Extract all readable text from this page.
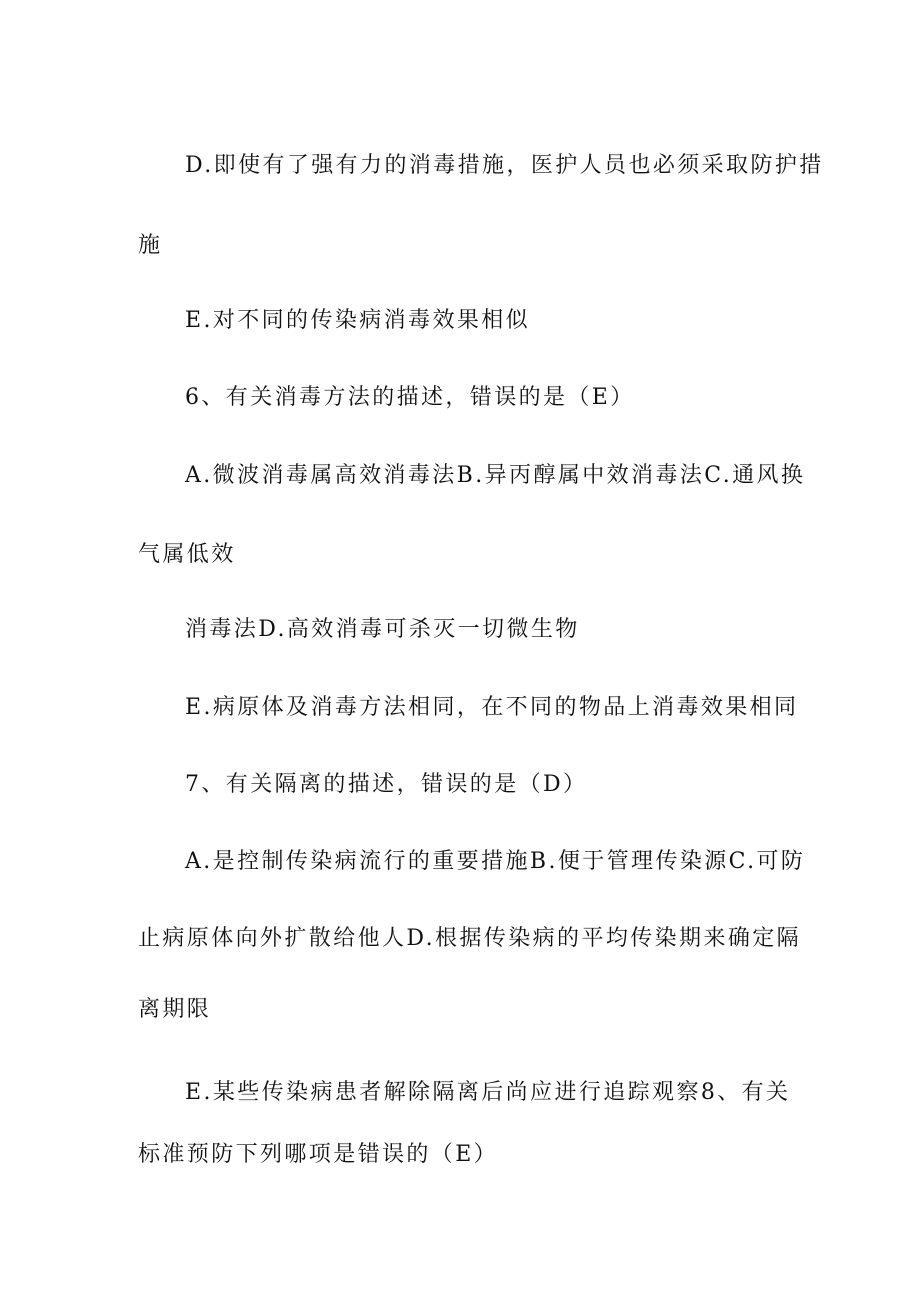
D.即使有了强有力的消毒措施，医护人员也必须采取防护措
施
E.对不同的传染病消毒效果相似
6、有关消毒方法的描述，错误的是（E）
A.微波消毒属高效消毒法B.异丙醇属中效消毒法C.通风换
气属低效
消毒法D.高效消毒可杀灭一切微生物
E.病原体及消毒方法相同，在不同的物品上消毒效果相同
7、有关隔离的描述，错误的是（D）
A.是控制传染病流行的重要措施B.便于管理传染源C.可防
止病原体向外扩散给他人D.根据传染病的平均传染期来确定隔
离期限
E.某些传染病患者解除隔离后尚应进行追踪观察8、有关
标准预防下列哪项是错误的（E）
